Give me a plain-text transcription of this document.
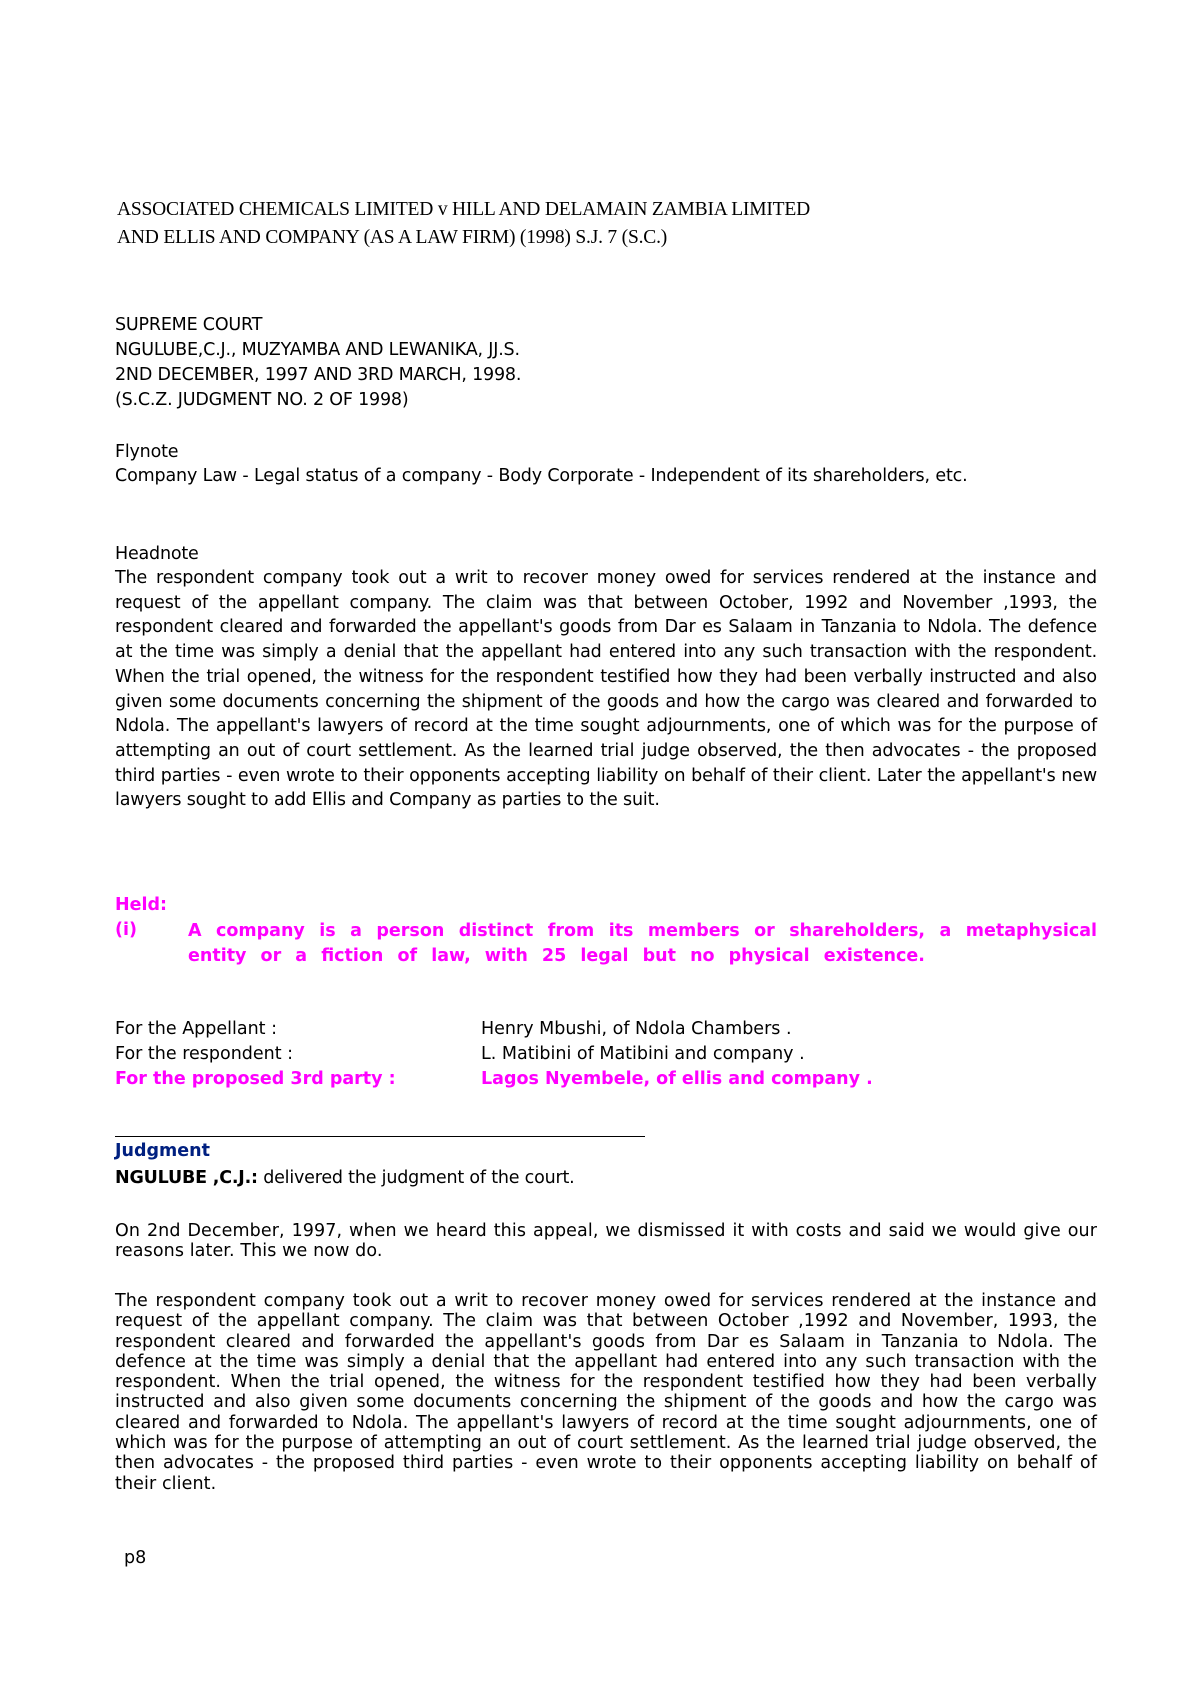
ASSOCIATED CHEMICALS LIMITED v HILL AND DELAMAIN ZAMBIA LIMITED
AND ELLIS AND COMPANY (AS A LAW FIRM) (1998) S.J. 7 (S.C.)
SUPREME COURT
NGULUBE,C.J., MUZYAMBA AND LEWANIKA, JJ.S.
2ND DECEMBER, 1997 AND 3RD MARCH, 1998.
(S.C.Z. JUDGMENT NO. 2 OF 1998)
Flynote
Company Law - Legal status of a company - Body Corporate - Independent of its shareholders, etc.
Headnote
The respondent company took out a writ to recover money owed for services rendered at the instance and request of the appellant company. The claim was that between October, 1992 and November ,1993, the respondent cleared and forwarded the appellant's goods from Dar es Salaam in Tanzania to Ndola. The defence at the time was simply a denial that the appellant had entered into any such transaction with the respondent. When the trial opened, the witness for the respondent testified how they had been verbally instructed and also given some documents concerning the shipment of the goods and how the cargo was cleared and forwarded to Ndola. The appellant's lawyers of record at the time sought adjournments, one of which was for the purpose of attempting an out of court settlement. As the learned trial judge observed, the then advocates - the proposed third parties - even wrote to their opponents accepting liability on behalf of their client. Later the appellant's new lawyers sought to add Ellis and Company as parties to the suit.
Held:
(i)	A company is a person distinct from its members or shareholders, a metaphysical entity or a fiction of law, with 25 legal but no physical existence.
For the Appellant :	Henry Mbushi, of Ndola Chambers .
For the respondent :	L. Matibini of Matibini and company .
For the proposed 3rd party :	Lagos Nyembele, of ellis and company .
Judgment
NGULUBE ,C.J.: delivered the judgment of the court.
On 2nd December, 1997, when we heard this appeal, we dismissed it with costs and said we would give our reasons later. This we now do.
The respondent company took out a writ to recover money owed for services rendered at the instance and request of the appellant company. The claim was that between October ,1992 and November, 1993, the respondent cleared and forwarded the appellant's goods from Dar es Salaam in Tanzania to Ndola. The defence at the time was simply a denial that the appellant had entered into any such transaction with the respondent. When the trial opened, the witness for the respondent testified how they had been verbally instructed and also given some documents concerning the shipment of the goods and how the cargo was cleared and forwarded to Ndola. The appellant's lawyers of record at the time sought adjournments, one of which was for the purpose of attempting an out of court settlement. As the learned trial judge observed, the then advocates - the proposed third parties - even wrote to their opponents accepting liability on behalf of their client.
p8
